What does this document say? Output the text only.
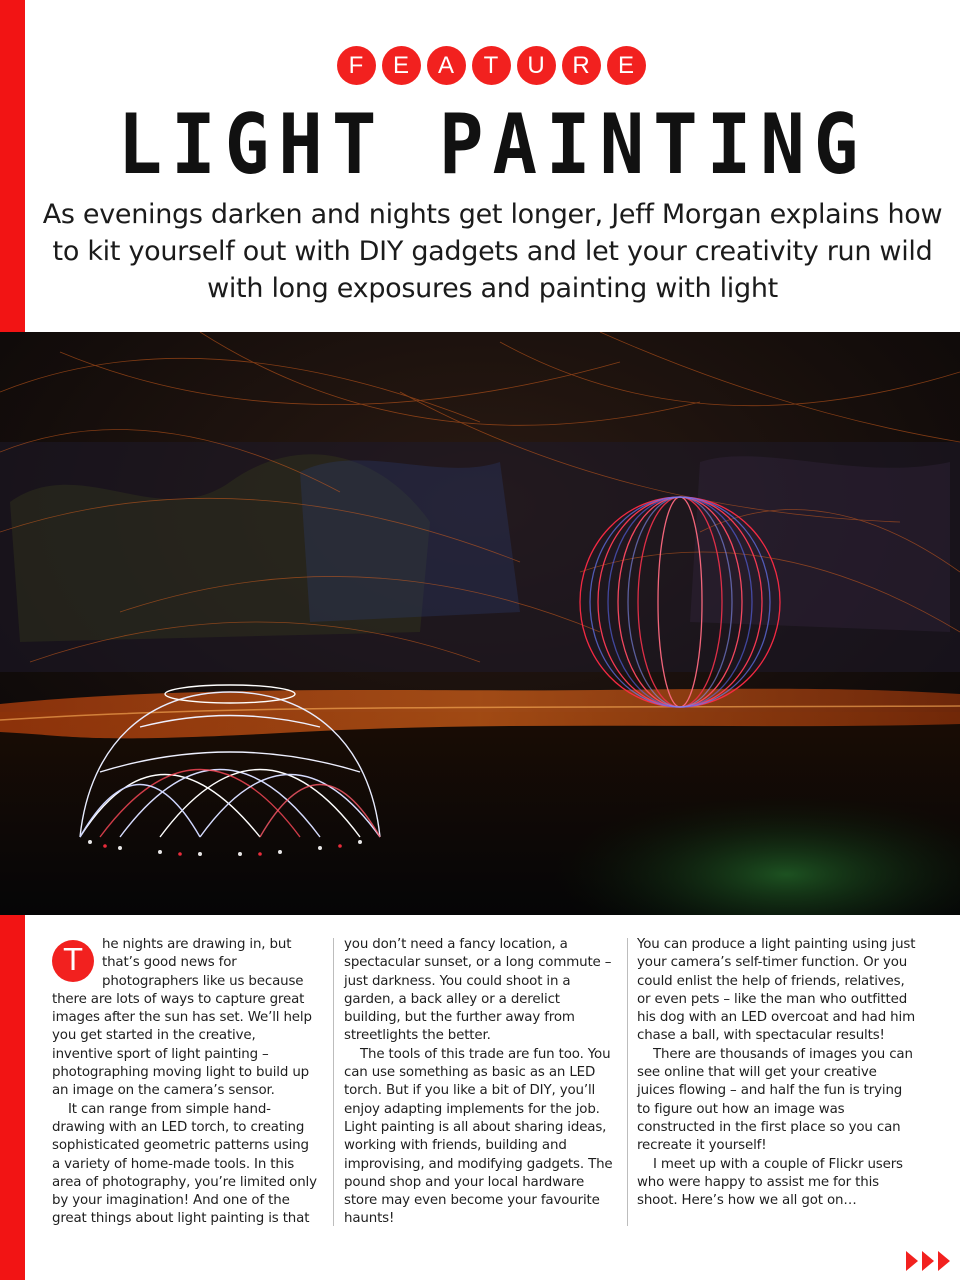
F	E	A	T	U	R	E
LIGHT PAINTING

As evenings darken and nights get longer, Jeff Morgan explains how to kit yourself out with DIY gadgets and let your creativity run wild with long exposures and painting with light

T	he nights are drawing in, but that’s good news for photographers like us because there are lots of ways to capture great images after the sun has set. We’ll help you get started in the creative, inventive sport of light painting – photographing moving light to build up an image on the camera’s sensor.

It can range from simple hand-drawing with an LED torch, to creating sophisticated geometric patterns using a variety of home-made tools. In this area of photography, you’re limited only by your imagination! And one of the great things about light painting is that

you don’t need a fancy location, a spectacular sunset, or a long commute – just darkness. You could shoot in a garden, a back alley or a derelict building, but the further away from streetlights the better.

The tools of this trade are fun too. You can use something as basic as an LED torch. But if you like a bit of DIY, you’ll enjoy adapting implements for the job. Light painting is all about sharing ideas, working with friends, building and improvising, and modifying gadgets. The pound shop and your local hardware store may even become your favourite haunts!

You can produce a light painting using just your camera’s self-timer function. Or you could enlist the help of friends, relatives, or even pets – like the man who outfitted his dog with an LED overcoat and had him chase a ball, with spectacular results!

There are thousands of images you can see online that will get your creative juices flowing – and half the fun is trying to figure out how an image was constructed in the first place so you can recreate it yourself!

I meet up with a couple of Flickr users who were happy to assist me for this shoot. Here’s how we all got on…
